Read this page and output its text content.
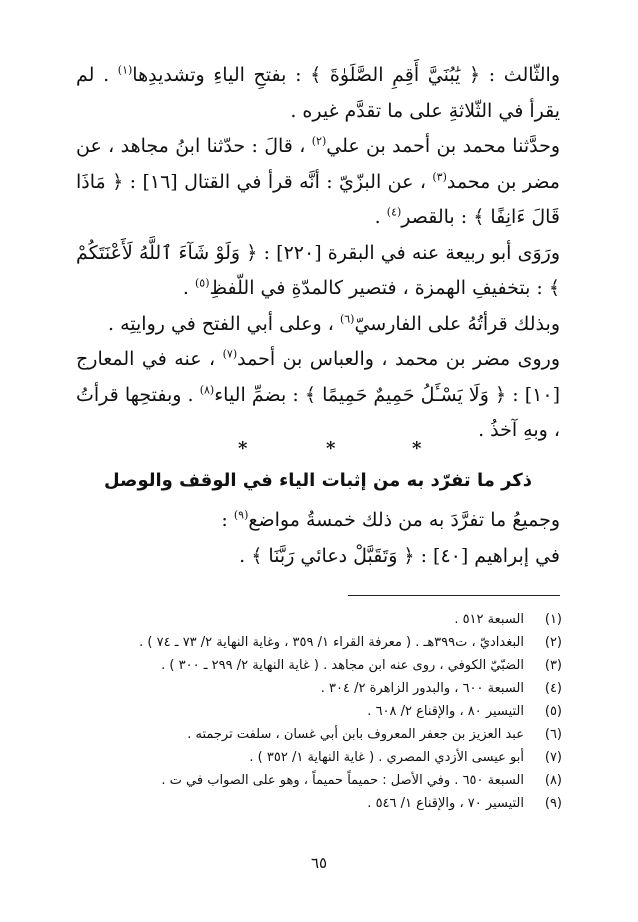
والثّالث : ﴿ يَٰبُنَيَّ أَقِمِ الصَّلَوٰةَ ﴾ : بفتحِ الياءِ وتشديدِها$^{(١)}$ . لم يقرأ في الثّلاثةِ على ما تقدَّم غيره .

وحدَّثنا محمد بن أحمد بن علي$^{(٢)}$ ، قالَ : حدّثنا ابنُ مجاهد ، عن مضر بن محمد$^{(٣)}$ ، عن البزّيّ : أنَّه قرأ في القتال [١٦] : ﴿ مَاذَا قَالَ ءَانِفًا ﴾ : بالقصر$^{(٤)}$ .

ورَوَى أبو ربيعة عنه في البقرة [٢٢٠] : ﴿ وَلَوْ شَآءَ ٱللَّهُ لَأَعْنَتَكُمْ ﴾ : بتخفيفِ الهمزة ، فتصير كالمدّةِ في اللّفظِ$^{(٥)}$ .

وبذلك قرأتُهُ على الفارسيّ$^{(٦)}$ ، وعلى أبي الفتح في روايتِه .

وروى مضر بن محمد ، والعباس بن أحمد$^{(٧)}$ ، عنه في المعارج [١٠] : ﴿ وَلَا يَسْـَٔلُ حَمِيمٌ حَمِيمًا ﴾ : بضمِّ الياء$^{(٨)}$ . وبفتحِها قرأتُ ، وبهِ آخذُ .

*	*	*
ذكر ما تفرّد به من إثبات الياء في الوقف والوصل

وجميعُ ما تفرَّدَ به من ذلك خمسةُ مواضع$^{(٩)}$ :

في إبراهيم [٤٠] : ﴿ وَتَقَبَّلْ دعائي رَبَّنَا ﴾ .

(١)
السبعة ٥١٢ .
(٢)
البغداديّ ، ت٣٩٩هـ . ( معرفة القراء ١/ ٣٥٩ ، وغاية النهاية ٢/ ٧٣ ـ ٧٤ ) .
(٣)
الضبّيّ الكوفي ، روى عنه ابن مجاهد . ( غاية النهاية ٢/ ٢٩٩ ـ ٣٠٠ ) .
(٤)
السبعة ٦٠٠ ، والبدور الزاهرة ٢/ ٣٠٤ .
(٥)
التيسير ٨٠ ، والإقناع ٢/ ٦٠٨ .
(٦)
عبد العزيز بن جعفر المعروف بابن أبي غسان ، سلفت ترجمته .
(٧)
أبو عيسى الأزدي المصري . ( غاية النهاية ١/ ٣٥٢ ) .
(٨)
السبعة ٦٥٠ . وفي الأصل : حميماً حميماً ، وهو على الصواب في ت .
(٩)
التيسير ٧٠ ، والإقناع ١/ ٥٤٦ .
٦٥
